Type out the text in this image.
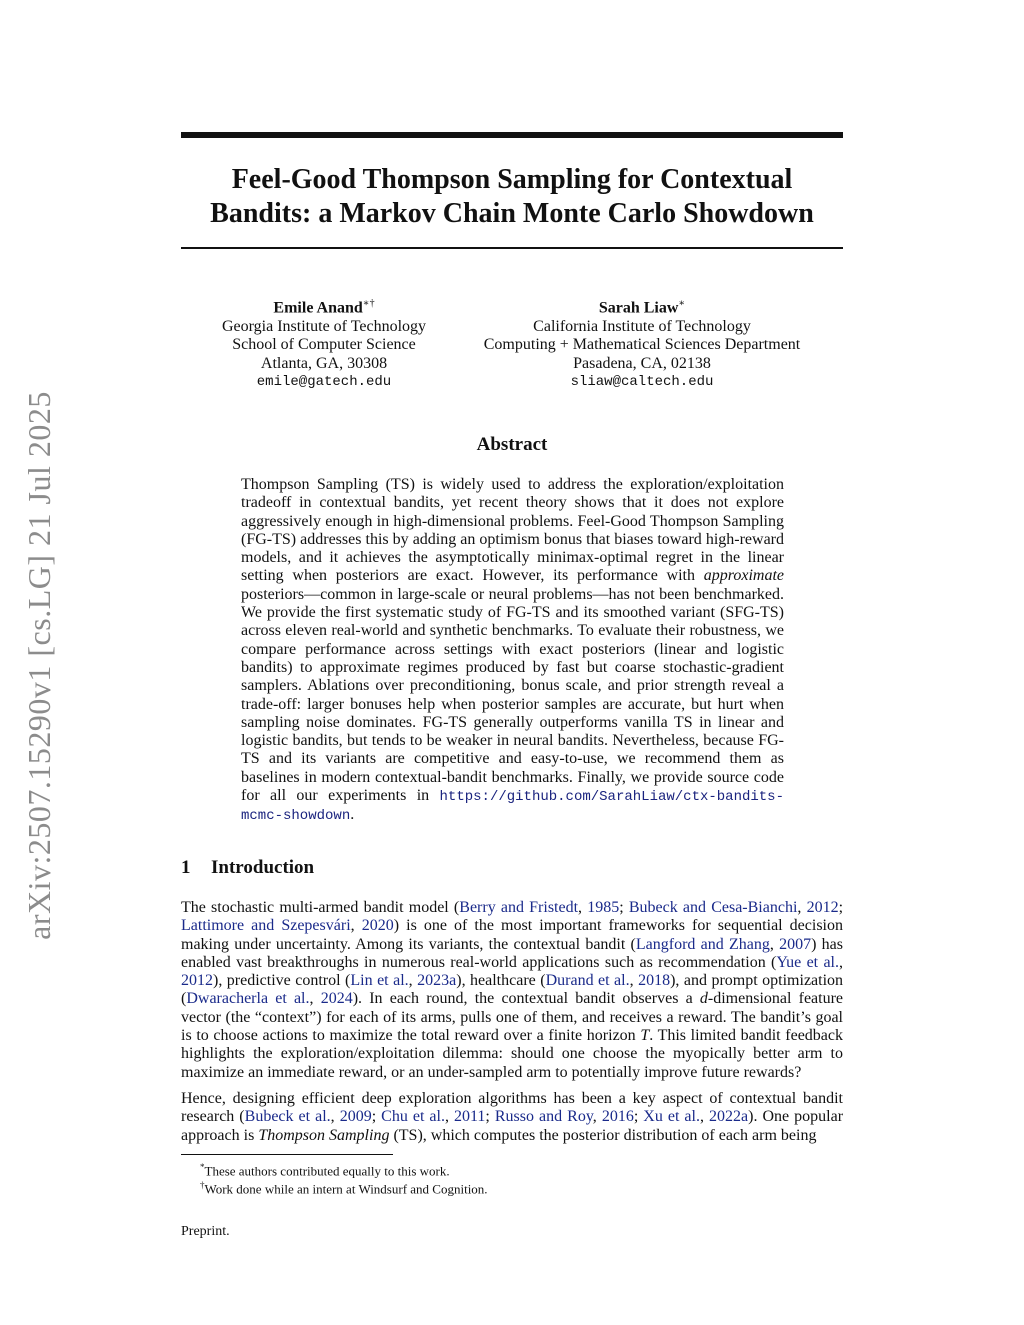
arXiv:2507.15290v1 [cs.LG] 21 Jul 2025
Feel-Good Thompson Sampling for Contextual
Bandits: a Markov Chain Monte Carlo Showdown
Emile Anand∗†
Georgia Institute of Technology
School of Computer Science
Atlanta, GA, 30308
emile@gatech.edu
Sarah Liaw∗
California Institute of Technology
Computing + Mathematical Sciences Department
Pasadena, CA, 02138
sliaw@caltech.edu
Abstract
Thompson Sampling (TS) is widely used to address the exploration/exploitation tradeoff in contextual bandits, yet recent theory shows that it does not explore aggressively enough in high-dimensional problems. Feel-Good Thompson Sampling (FG-TS) addresses this by adding an optimism bonus that biases toward high-reward models, and it achieves the asymptotically minimax-optimal regret in the linear setting when posteriors are exact. However, its performance with approximate posteriors—common in large-scale or neural problems—has not been benchmarked. We provide the first systematic study of FG-TS and its smoothed variant (SFG-TS) across eleven real-world and synthetic benchmarks. To evaluate their robustness, we compare performance across settings with exact posteriors (linear and logistic bandits) to approximate regimes produced by fast but coarse stochastic-gradient samplers. Ablations over preconditioning, bonus scale, and prior strength reveal a trade-off: larger bonuses help when posterior samples are accurate, but hurt when sampling noise dominates. FG-TS generally outperforms vanilla TS in linear and logistic bandits, but tends to be weaker in neural bandits. Nevertheless, because FG-TS and its variants are competitive and easy-to-use, we recommend them as baselines in modern contextual-bandit benchmarks. Finally, we provide source code for all our experiments in https://github.com/SarahLiaw/ctx-bandits-mcmc-showdown.
1 Introduction
The stochastic multi-armed bandit model (Berry and Fristedt, 1985; Bubeck and Cesa-Bianchi, 2012; Lattimore and Szepesvári, 2020) is one of the most important frameworks for sequential decision making under uncertainty. Among its variants, the contextual bandit (Langford and Zhang, 2007) has enabled vast breakthroughs in numerous real-world applications such as recommendation (Yue et al., 2012), predictive control (Lin et al., 2023a), healthcare (Durand et al., 2018), and prompt optimization (Dwaracherla et al., 2024). In each round, the contextual bandit observes a d-dimensional feature vector (the “context”) for each of its arms, pulls one of them, and receives a reward. The bandit’s goal is to choose actions to maximize the total reward over a finite horizon T. This limited bandit feedback highlights the exploration/exploitation dilemma: should one choose the myopically better arm to maximize an immediate reward, or an under-sampled arm to potentially improve future rewards?
Hence, designing efficient deep exploration algorithms has been a key aspect of contextual bandit research (Bubeck et al., 2009; Chu et al., 2011; Russo and Roy, 2016; Xu et al., 2022a). One popular approach is Thompson Sampling (TS), which computes the posterior distribution of each arm being
*These authors contributed equally to this work.
†Work done while an intern at Windsurf and Cognition.
Preprint.
